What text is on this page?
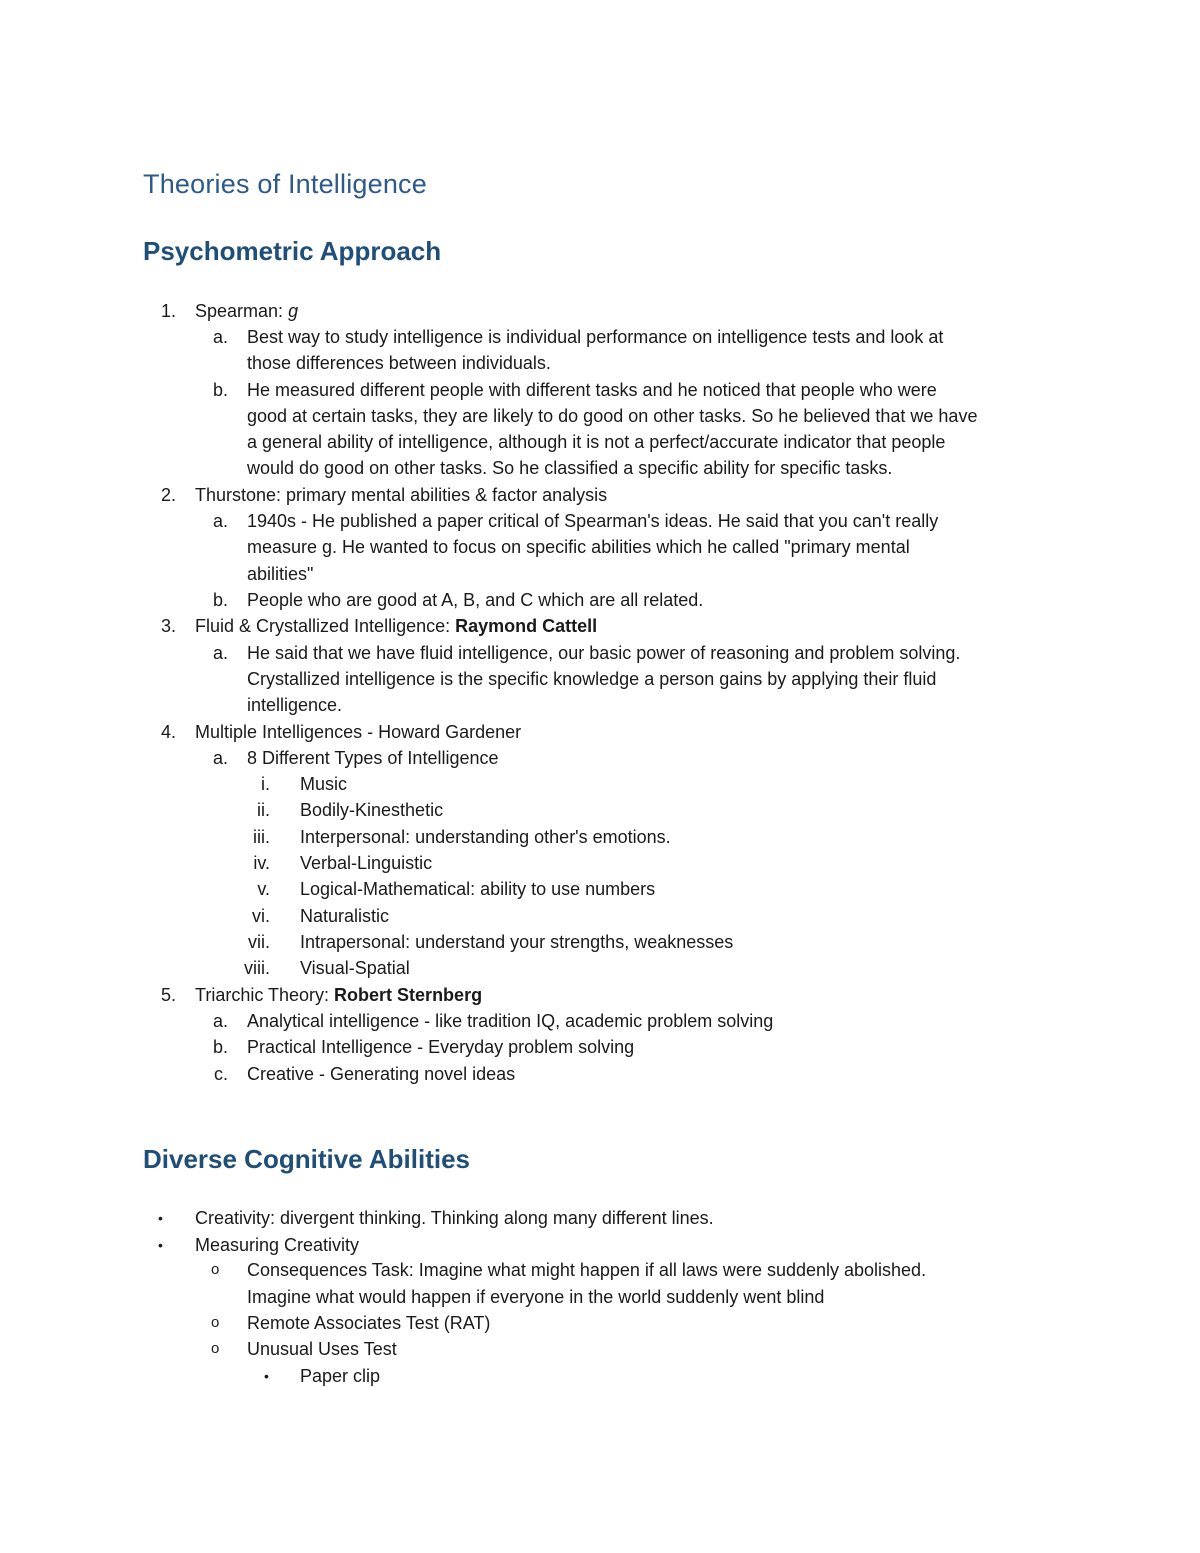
Theories of Intelligence
Psychometric Approach
1. Spearman: g
a. Best way to study intelligence is individual performance on intelligence tests and look at
those differences between individuals.
b. He measured different people with different tasks and he noticed that people who were
good at certain tasks, they are likely to do good on other tasks. So he believed that we have
a general ability of intelligence, although it is not a perfect/accurate indicator that people
would do good on other tasks. So he classified a specific ability for specific tasks.
2. Thurstone: primary mental abilities & factor analysis
a. 1940s - He published a paper critical of Spearman's ideas. He said that you can't really
measure g. He wanted to focus on specific abilities which he called "primary mental
abilities"
b. People who are good at A, B, and C which are all related.
3. Fluid & Crystallized Intelligence: Raymond Cattell
a. He said that we have fluid intelligence, our basic power of reasoning and problem solving.
Crystallized intelligence is the specific knowledge a person gains by applying their fluid
intelligence.
4. Multiple Intelligences - Howard Gardener
a. 8 Different Types of Intelligence
i. Music
ii. Bodily-Kinesthetic
iii. Interpersonal: understanding other's emotions.
iv. Verbal-Linguistic
v. Logical-Mathematical: ability to use numbers
vi. Naturalistic
vii. Intrapersonal: understand your strengths, weaknesses
viii. Visual-Spatial
5. Triarchic Theory: Robert Sternberg
a. Analytical intelligence - like tradition IQ, academic problem solving
b. Practical Intelligence - Everyday problem solving
c. Creative - Generating novel ideas
Diverse Cognitive Abilities
• Creativity: divergent thinking. Thinking along many different lines.
• Measuring Creativity
o Consequences Task: Imagine what might happen if all laws were suddenly abolished.
Imagine what would happen if everyone in the world suddenly went blind
o Remote Associates Test (RAT)
o Unusual Uses Test
• Paper clip
